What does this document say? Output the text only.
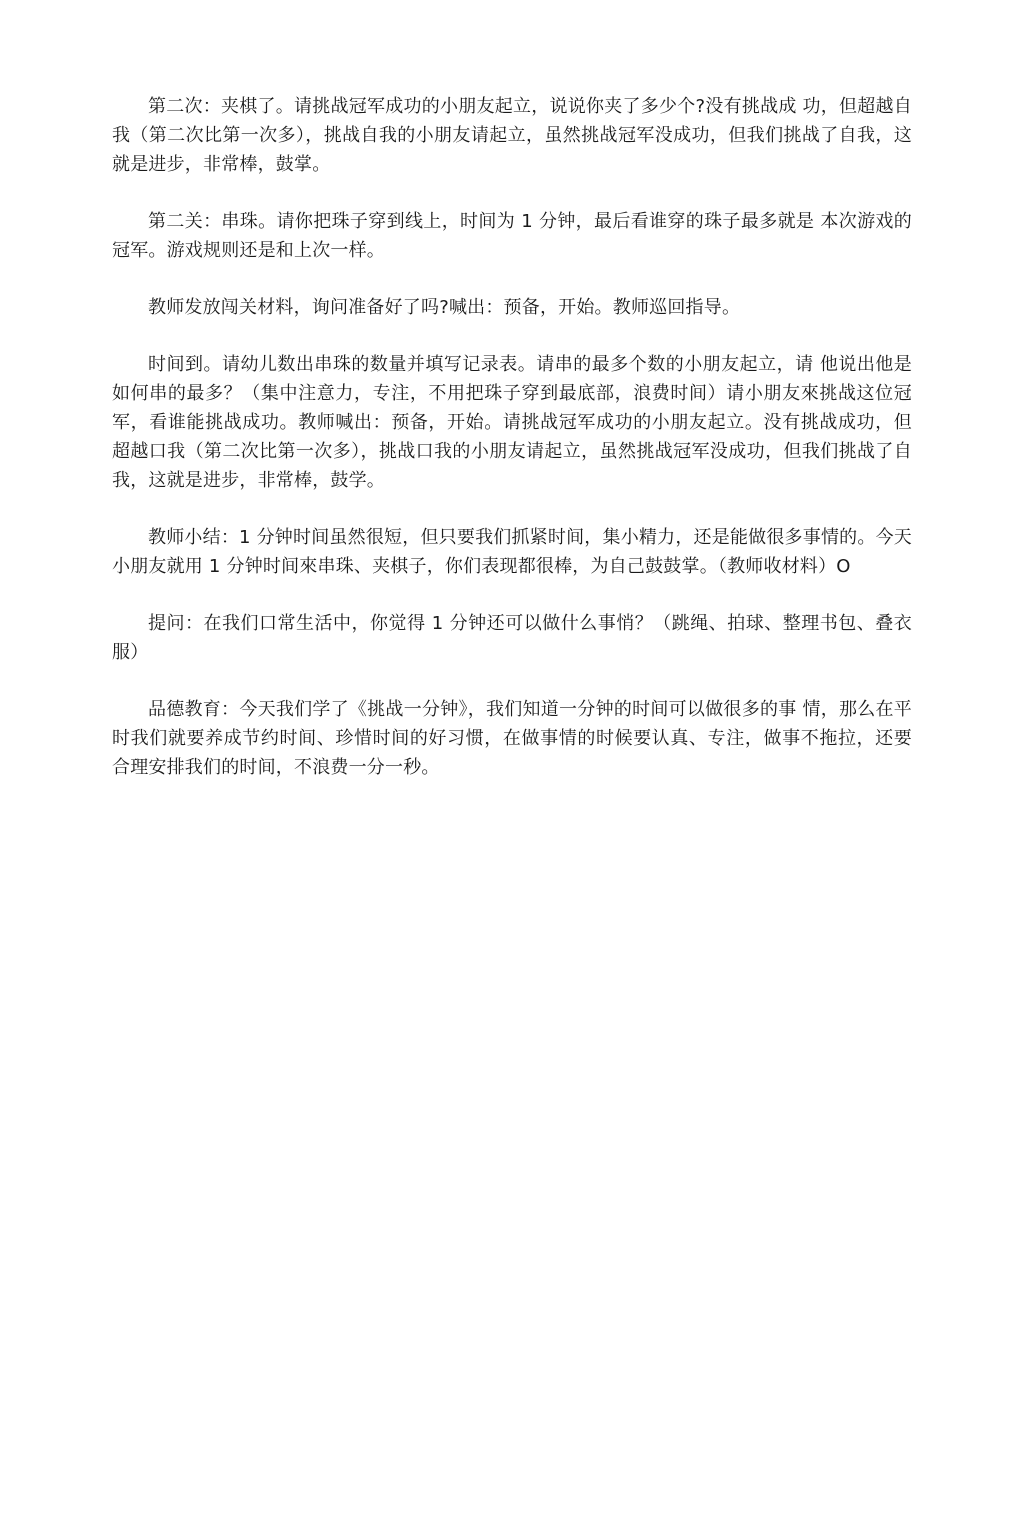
第二次：夹棋了。请挑战冠军成功的小朋友起立，说说你夹了多少个?没有挑战成 功，但超越自我（第二次比第一次多），挑战自我的小朋友请起立，虽然挑战冠军没成功，但我们挑战了自我，这就是进步，非常棒，鼓掌。

第二关：串珠。请你把珠子穿到线上，时间为 1 分钟，最后看谁穿的珠子最多就是 本次游戏的冠军。游戏规则还是和上次一样。

教师发放闯关材料，询问准备好了吗?喊出：预备，开始。教师巡回指导。

时间到。请幼儿数出串珠的数量并填写记录表。请串的最多个数的小朋友起立，请 他说出他是如何串的最多？（集中注意力，专注，不用把珠子穿到最底部，浪费时间）请小朋友來挑战这位冠军，看谁能挑战成功。教师喊出：预备，开始。请挑战冠军成功的小朋友起立。没有挑战成功，但超越口我（第二次比第一次多），挑战口我的小朋友请起立，虽然挑战冠军没成功，但我们挑战了自我，这就是进步，非常棒，鼓学。

教师小结：1 分钟时间虽然很短，但只要我们抓紧时间，集小精力，还是能做很多事情的。今天小朋友就用 1 分钟时间來串珠、夹棋子，你们表现都很棒，为自己鼓鼓掌。（教师收材料）O

提问：在我们口常生活中，你觉得 1 分钟还可以做什么事悄？（跳绳、拍球、整理书包、叠衣服）

品德教育：今天我们学了《挑战一分钟》，我们知道一分钟的时间可以做很多的事 情，那么在平时我们就要养成节约时间、珍惜时间的好习惯，在做事情的时候要认真、专注，做事不拖拉，还要合理安排我们的时间，不浪费一分一秒。
